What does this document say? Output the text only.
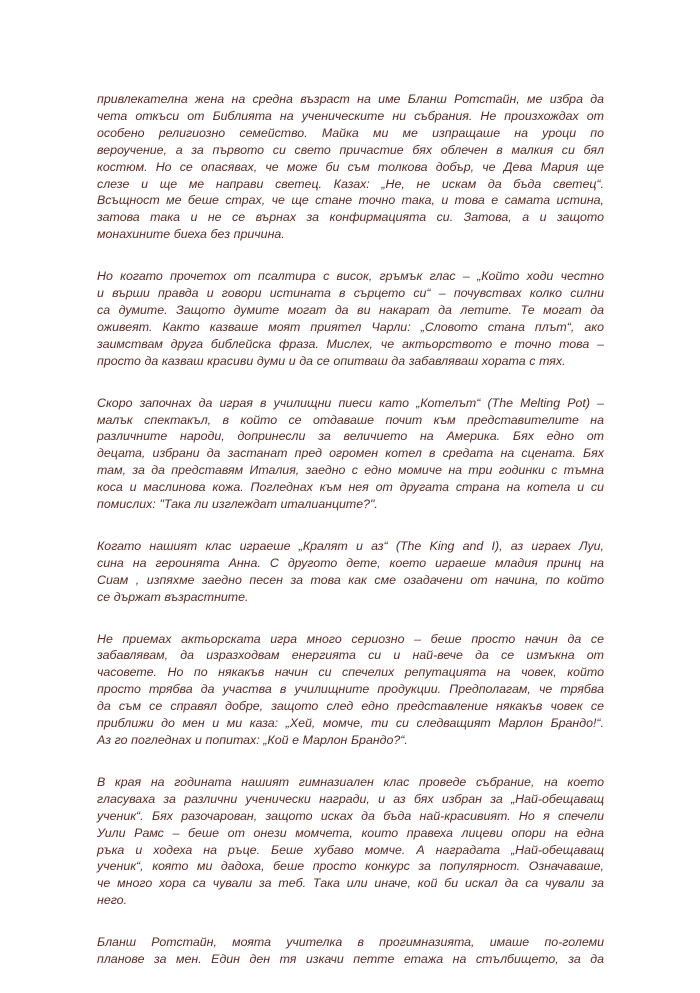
привлекателна жена на средна възраст на име Бланш Ротстайн, ме избра да
чета откъси от Библията на ученическите ни събрания. Не произхождах от
особено религиозно семейство. Майка ми ме изпращаше на уроци по
вероучение, а за първото си свето причастие бях облечен в малкия си бял
костюм. Но се опасявах, че може би съм толкова добър, че Дева Мария ще
слезе и ще ме направи светец. Казах: „Не, не искам да бъда светец“.
Всъщност ме беше страх, че ще стане точно така, и това е самата истина,
затова така и не се върнах за конфирмацията си. Затова, а и защото
монахините биеха без причина.

Но когато прочетох от псалтира с висок, гръмък глас – „Който ходи честно
и върши правда и говори истината в сърцето си“ – почувствах колко силни
са думите. Защото думите могат да ви накарат да летите. Те могат да
оживеят. Както казваше моят приятел Чарли: „Словото стана плът“, ако
заимствам друга библейска фраза. Мислех, че актьорството е точно това –
просто да казваш красиви думи и да се опитваш да забавляваш хората с тях.

Скоро започнах да играя в училищни пиеси като „Котелът“ (The Melting Pot) –
малък спектакъл, в който се отдаваше почит към представителите на
различните народи, допринесли за величието на Америка. Бях едно от
децата, избрани да застанат пред огромен котел в средата на сцената. Бях
там, за да представям Италия, заедно с едно момиче на три годинки с тъмна
коса и маслинова кожа. Погледнах към нея от другата страна на котела и си
помислих: "Така ли изглеждат италианците?".

Когато нашият клас играеше „Кралят и аз“ (The King and I), аз играех Луи,
сина на героинята Анна. С другото дете, което играеше младия принц на
Сиам , изпяхме заедно песен за това как сме озадачени от начина, по който
се държат възрастните.

Не приемах актьорската игра много сериозно – беше просто начин да се
забавлявам, да изразходвам енергията си и най-вече да се измъкна от
часовете. Но по някакъв начин си спечелих репутацията на човек, който
просто трябва да участва в училищните продукции. Предполагам, че трябва
да съм се справял добре, защото след едно представление някакъв човек се
приближи до мен и ми каза: „Хей, момче, ти си следващият Марлон Брандо!“.
Аз го погледнах и попитах: „Кой е Марлон Брандо?“.

В края на годината нашият гимназиален клас проведе събрание, на което
гласуваха за различни ученически награди, и аз бях избран за „Най-обещаващ
ученик“. Бях разочарован, защото исках да бъда най-красивият. Но я спечели
Уили Рамс – беше от онези момчета, които правеха лицеви опори на една
ръка и ходеха на ръце. Беше хубаво момче. А наградата „Най-обещаващ
ученик“, която ми дадоха, беше просто конкурс за популярност. Означаваше,
че много хора са чували за теб. Така или иначе, кой би искал да са чували за
него.

Бланш Ротстайн, моята учителка в прогимназията, имаше по-големи
планове за мен. Един ден тя изкачи петте етажа на стълбището, за да
